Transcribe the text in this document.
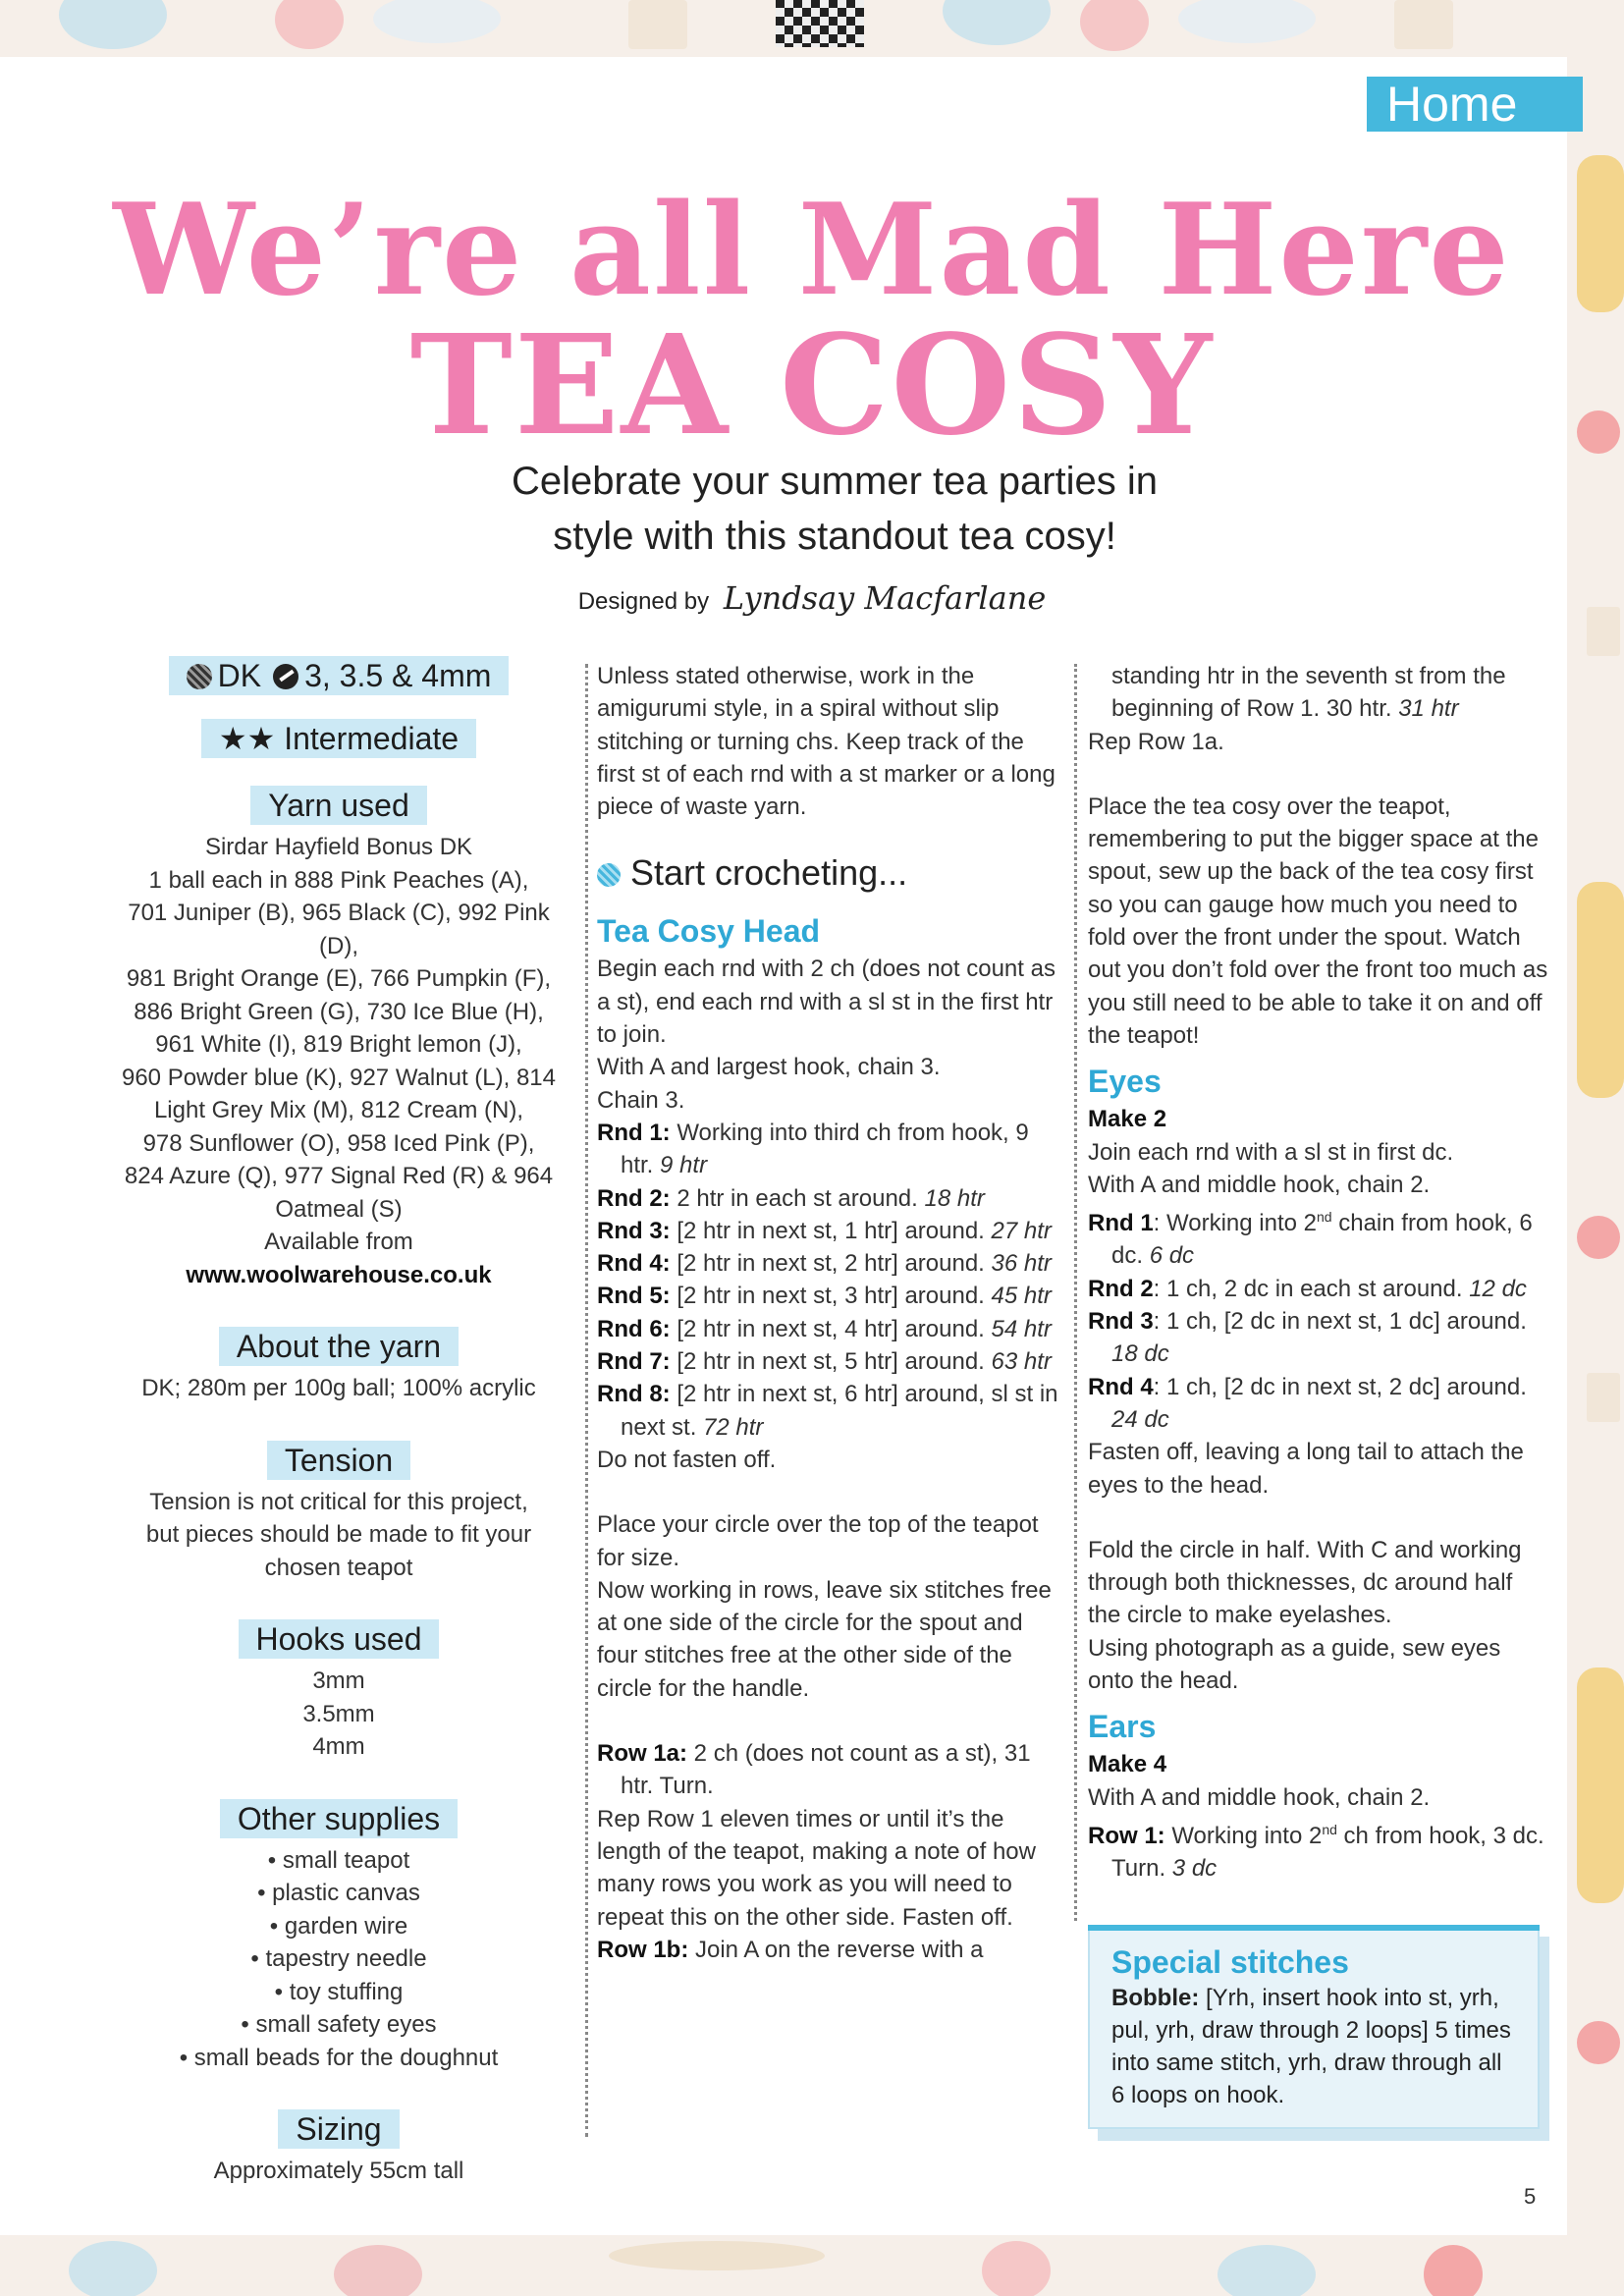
Home
We’re all Mad Here
TEA COSY
Celebrate your summer tea parties in
style with this standout tea cosy!
Designed by Lyndsay Macfarlane
DK 3, 3.5 & 4mm
★★ Intermediate
Yarn used

Sirdar Hayfield Bonus DK

1 ball each in 888 Pink Peaches (A),

701 Juniper (B), 965 Black (C), 992 Pink (D),

981 Bright Orange (E), 766 Pumpkin (F),

886 Bright Green (G), 730 Ice Blue (H),

961 White (I), 819 Bright lemon (J),

960 Powder blue (K), 927 Walnut (L), 814

Light Grey Mix (M), 812 Cream (N),

978 Sunflower (O), 958 Iced Pink (P),

824 Azure (Q), 977 Signal Red (R) & 964

Oatmeal (S)

Available from

www.woolwarehouse.co.uk

About the yarn

DK; 280m per 100g ball; 100% acrylic

Tension

Tension is not critical for this project,

but pieces should be made to fit your

chosen teapot

Hooks used

3mm

3.5mm

4mm

Other supplies

• small teapot

• plastic canvas

• garden wire

• tapestry needle

• toy stuffing

• small safety eyes

• small beads for the doughnut

Sizing

Approximately 55cm tall

Unless stated otherwise, work in the amigurumi style, in a spiral without slip stitching or turning chs. Keep track of the first st of each rnd with a st marker or a long piece of waste yarn.

Start crocheting...
Tea Cosy Head

Begin each rnd with 2 ch (does not count as a st), end each rnd with a sl st in the first htr to join.

With A and largest hook, chain 3.

Chain 3.

Rnd 1: Working into third ch from hook, 9 htr. 9 htr

Rnd 2: 2 htr in each st around. 18 htr

Rnd 3: [2 htr in next st, 1 htr] around. 27 htr

Rnd 4: [2 htr in next st, 2 htr] around. 36 htr

Rnd 5: [2 htr in next st, 3 htr] around. 45 htr

Rnd 6: [2 htr in next st, 4 htr] around. 54 htr

Rnd 7: [2 htr in next st, 5 htr] around. 63 htr

Rnd 8: [2 htr in next st, 6 htr] around, sl st in next st. 72 htr

Do not fasten off.

Place your circle over the top of the teapot for size.

Now working in rows, leave six stitches free at one side of the circle for the spout and four stitches free at the other side of the circle for the handle.

Row 1a: 2 ch (does not count as a st), 31 htr. Turn.

Rep Row 1 eleven times or until it’s the length of the teapot, making a note of how many rows you work as you will need to repeat this on the other side. Fasten off.

Row 1b: Join A on the reverse with a

standing htr in the seventh st from the beginning of Row 1. 30 htr. 31 htr

Rep Row 1a.

Place the tea cosy over the teapot, remembering to put the bigger space at the spout, sew up the back of the tea cosy first so you can gauge how much you need to fold over the front under the spout. Watch out you don’t fold over the front too much as you still need to be able to take it on and off the teapot!

Eyes

Make 2

Join each rnd with a sl st in first dc.

With A and middle hook, chain 2.

Rnd 1: Working into 2nd chain from hook, 6 dc. 6 dc

Rnd 2: 1 ch, 2 dc in each st around. 12 dc

Rnd 3: 1 ch, [2 dc in next st, 1 dc] around. 18 dc

Rnd 4: 1 ch, [2 dc in next st, 2 dc] around. 24 dc

Fasten off, leaving a long tail to attach the eyes to the head.

Fold the circle in half. With C and working through both thicknesses, dc around half the circle to make eyelashes.

Using photograph as a guide, sew eyes onto the head.

Ears

Make 4

With A and middle hook, chain 2.

Row 1: Working into 2nd ch from hook, 3 dc. Turn. 3 dc

Special stitches

Bobble: [Yrh, insert hook into st, yrh, pul, yrh, draw through 2 loops] 5 times into same stitch, yrh, draw through all 6 loops on hook.

5
